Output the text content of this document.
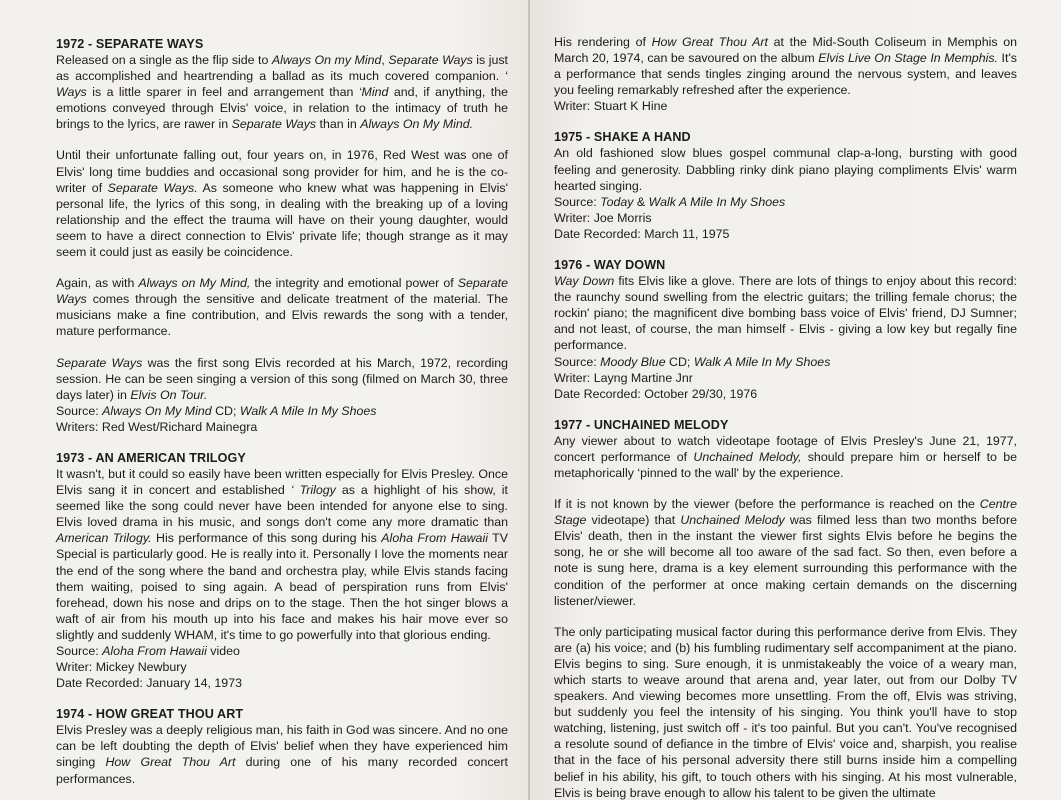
1972 - SEPARATE WAYS

Released on a single as the flip side to Always On my Mind, Separate Ways is just as accomplished and heartrending a ballad as its much covered companion. ‘ Ways is a little sparer in feel and arrangement than ‘Mind and, if anything, the emotions conveyed through Elvis' voice, in relation to the intimacy of truth he brings to the lyrics, are rawer in Separate Ways than in Always On My Mind.

Until their unfortunate falling out, four years on, in 1976, Red West was one of Elvis' long time buddies and occasional song provider for him, and he is the co-writer of Separate Ways. As someone who knew what was happening in Elvis' personal life, the lyrics of this song, in dealing with the breaking up of a loving relationship and the effect the trauma will have on their young daughter, would seem to have a direct connection to Elvis' private life; though strange as it may seem it could just as easily be coincidence.

Again, as with Always on My Mind, the integrity and emotional power of Separate Ways comes through the sensitive and delicate treatment of the material. The musicians make a fine contribution, and Elvis rewards the song with a tender, mature performance.

Separate Ways was the first song Elvis recorded at his March, 1972, recording session. He can be seen singing a version of this song (filmed on March 30, three days later) in Elvis On Tour.

Source: Always On My Mind CD; Walk A Mile In My Shoes
Writers: Red West/Richard Mainegra
1973 - AN AMERICAN TRILOGY

It wasn't, but it could so easily have been written especially for Elvis Presley. Once Elvis sang it in concert and established ‘ Trilogy as a highlight of his show, it seemed like the song could never have been intended for anyone else to sing. Elvis loved drama in his music, and songs don't come any more dramatic than American Trilogy. His performance of this song during his Aloha From Hawaii TV Special is particularly good. He is really into it. Personally I love the moments near the end of the song where the band and orchestra play, while Elvis stands facing them waiting, poised to sing again. A bead of perspiration runs from Elvis' forehead, down his nose and drips on to the stage. Then the hot singer blows a waft of air from his mouth up into his face and makes his hair move ever so slightly and suddenly WHAM, it's time to go powerfully into that glorious ending.

Source: Aloha From Hawaii video
Writer: Mickey Newbury
Date Recorded: January 14, 1973
1974 - HOW GREAT THOU ART

Elvis Presley was a deeply religious man, his faith in God was sincere. And no one can be left doubting the depth of Elvis' belief when they have experienced him singing How Great Thou Art during one of his many recorded concert performances.

His rendering of How Great Thou Art at the Mid-South Coliseum in Memphis on March 20, 1974, can be savoured on the album Elvis Live On Stage In Memphis. It's a performance that sends tingles zinging around the nervous system, and leaves you feeling remarkably refreshed after the experience.

Writer: Stuart K Hine
1975 - SHAKE A HAND

An old fashioned slow blues gospel communal clap-a-long, bursting with good feeling and generosity. Dabbling rinky dink piano playing compliments Elvis' warm hearted singing.

Source: Today & Walk A Mile In My Shoes
Writer: Joe Morris
Date Recorded: March 11, 1975
1976 - WAY DOWN

Way Down fits Elvis like a glove. There are lots of things to enjoy about this record: the raunchy sound swelling from the electric guitars; the trilling female chorus; the rockin' piano; the magnificent dive bombing bass voice of Elvis' friend, DJ Sumner; and not least, of course, the man himself - Elvis - giving a low key but regally fine performance.

Source: Moody Blue CD; Walk A Mile In My Shoes
Writer: Layng Martine Jnr
Date Recorded: October 29/30, 1976
1977 - UNCHAINED MELODY

Any viewer about to watch videotape footage of Elvis Presley's June 21, 1977, concert performance of Unchained Melody, should prepare him or herself to be metaphorically ‘pinned to the wall' by the experience.

If it is not known by the viewer (before the performance is reached on the Centre Stage videotape) that Unchained Melody was filmed less than two months before Elvis' death, then in the instant the viewer first sights Elvis before he begins the song, he or she will become all too aware of the sad fact. So then, even before a note is sung here, drama is a key element surrounding this performance with the condition of the performer at once making certain demands on the discerning listener/viewer.

The only participating musical factor during this performance derive from Elvis. They are (a) his voice; and (b) his fumbling rudimentary self accompaniment at the piano. Elvis begins to sing. Sure enough, it is unmistakeably the voice of a weary man, which starts to weave around that arena and, year later, out from our Dolby TV speakers. And viewing becomes more unsettling. From the off, Elvis was striving, but suddenly you feel the intensity of his singing. You think you'll have to stop watching, listening, just switch off - it's too painful. But you can't. You've recognised a resolute sound of defiance in the timbre of Elvis' voice and, sharpish, you realise that in the face of his personal adversity there still burns inside him a compelling belief in his ability, his gift, to touch others with his singing. At his most vulnerable, Elvis is being brave enough to allow his talent to be given the ultimate
